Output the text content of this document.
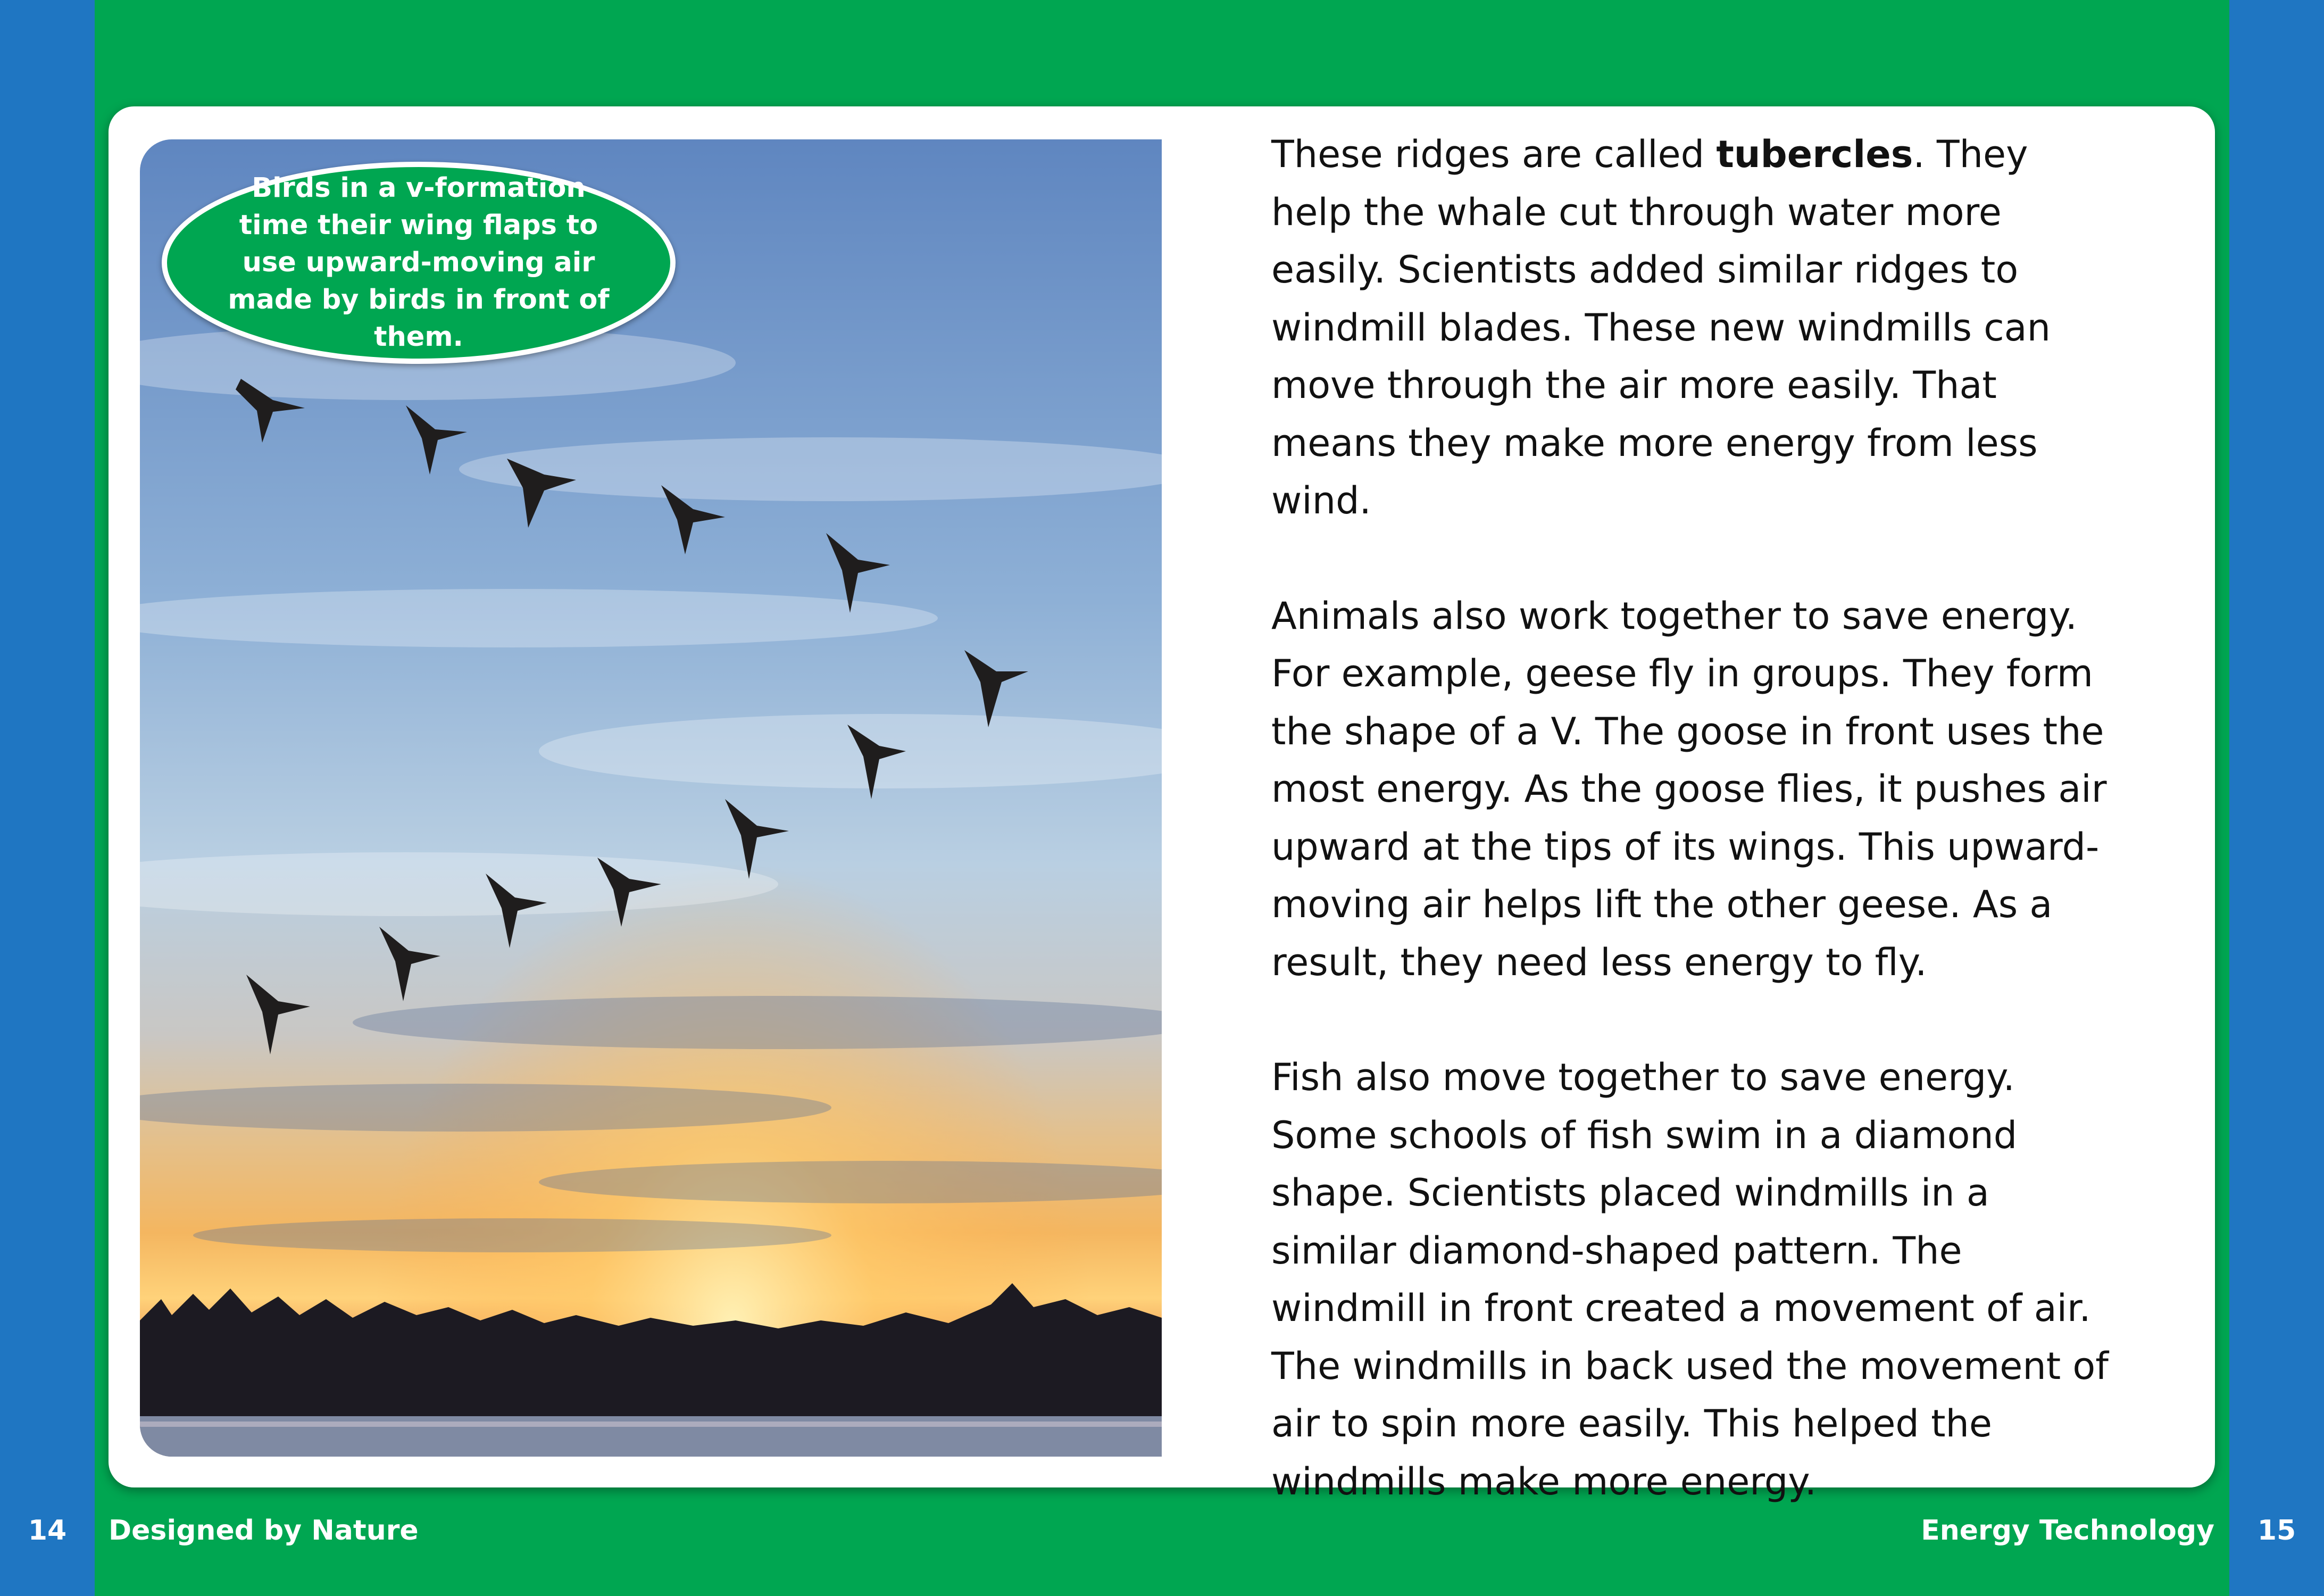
Birds in a v-formation time their wing flaps to use upward-moving air made by birds in front of them.

These ridges are called tubercles. They help the whale cut through water more easily. Scientists added similar ridges to windmill blades. These new windmills can move through the air more easily. That means they make more energy from less wind.

Animals also work together to save energy. For example, geese fly in groups. They form the shape of a V. The goose in front uses the most energy. As the goose flies, it pushes air upward at the tips of its wings. This upward-moving air helps lift the other geese. As a result, they need less energy to fly.

Fish also move together to save energy. Some schools of fish swim in a diamond shape. Scientists placed windmills in a similar diamond-shaped pattern. The windmill in front created a movement of air. The windmills in back used the movement of air to spin more easily. This helped the windmills make more energy.

14	Designed by Nature	Energy Technology	15
